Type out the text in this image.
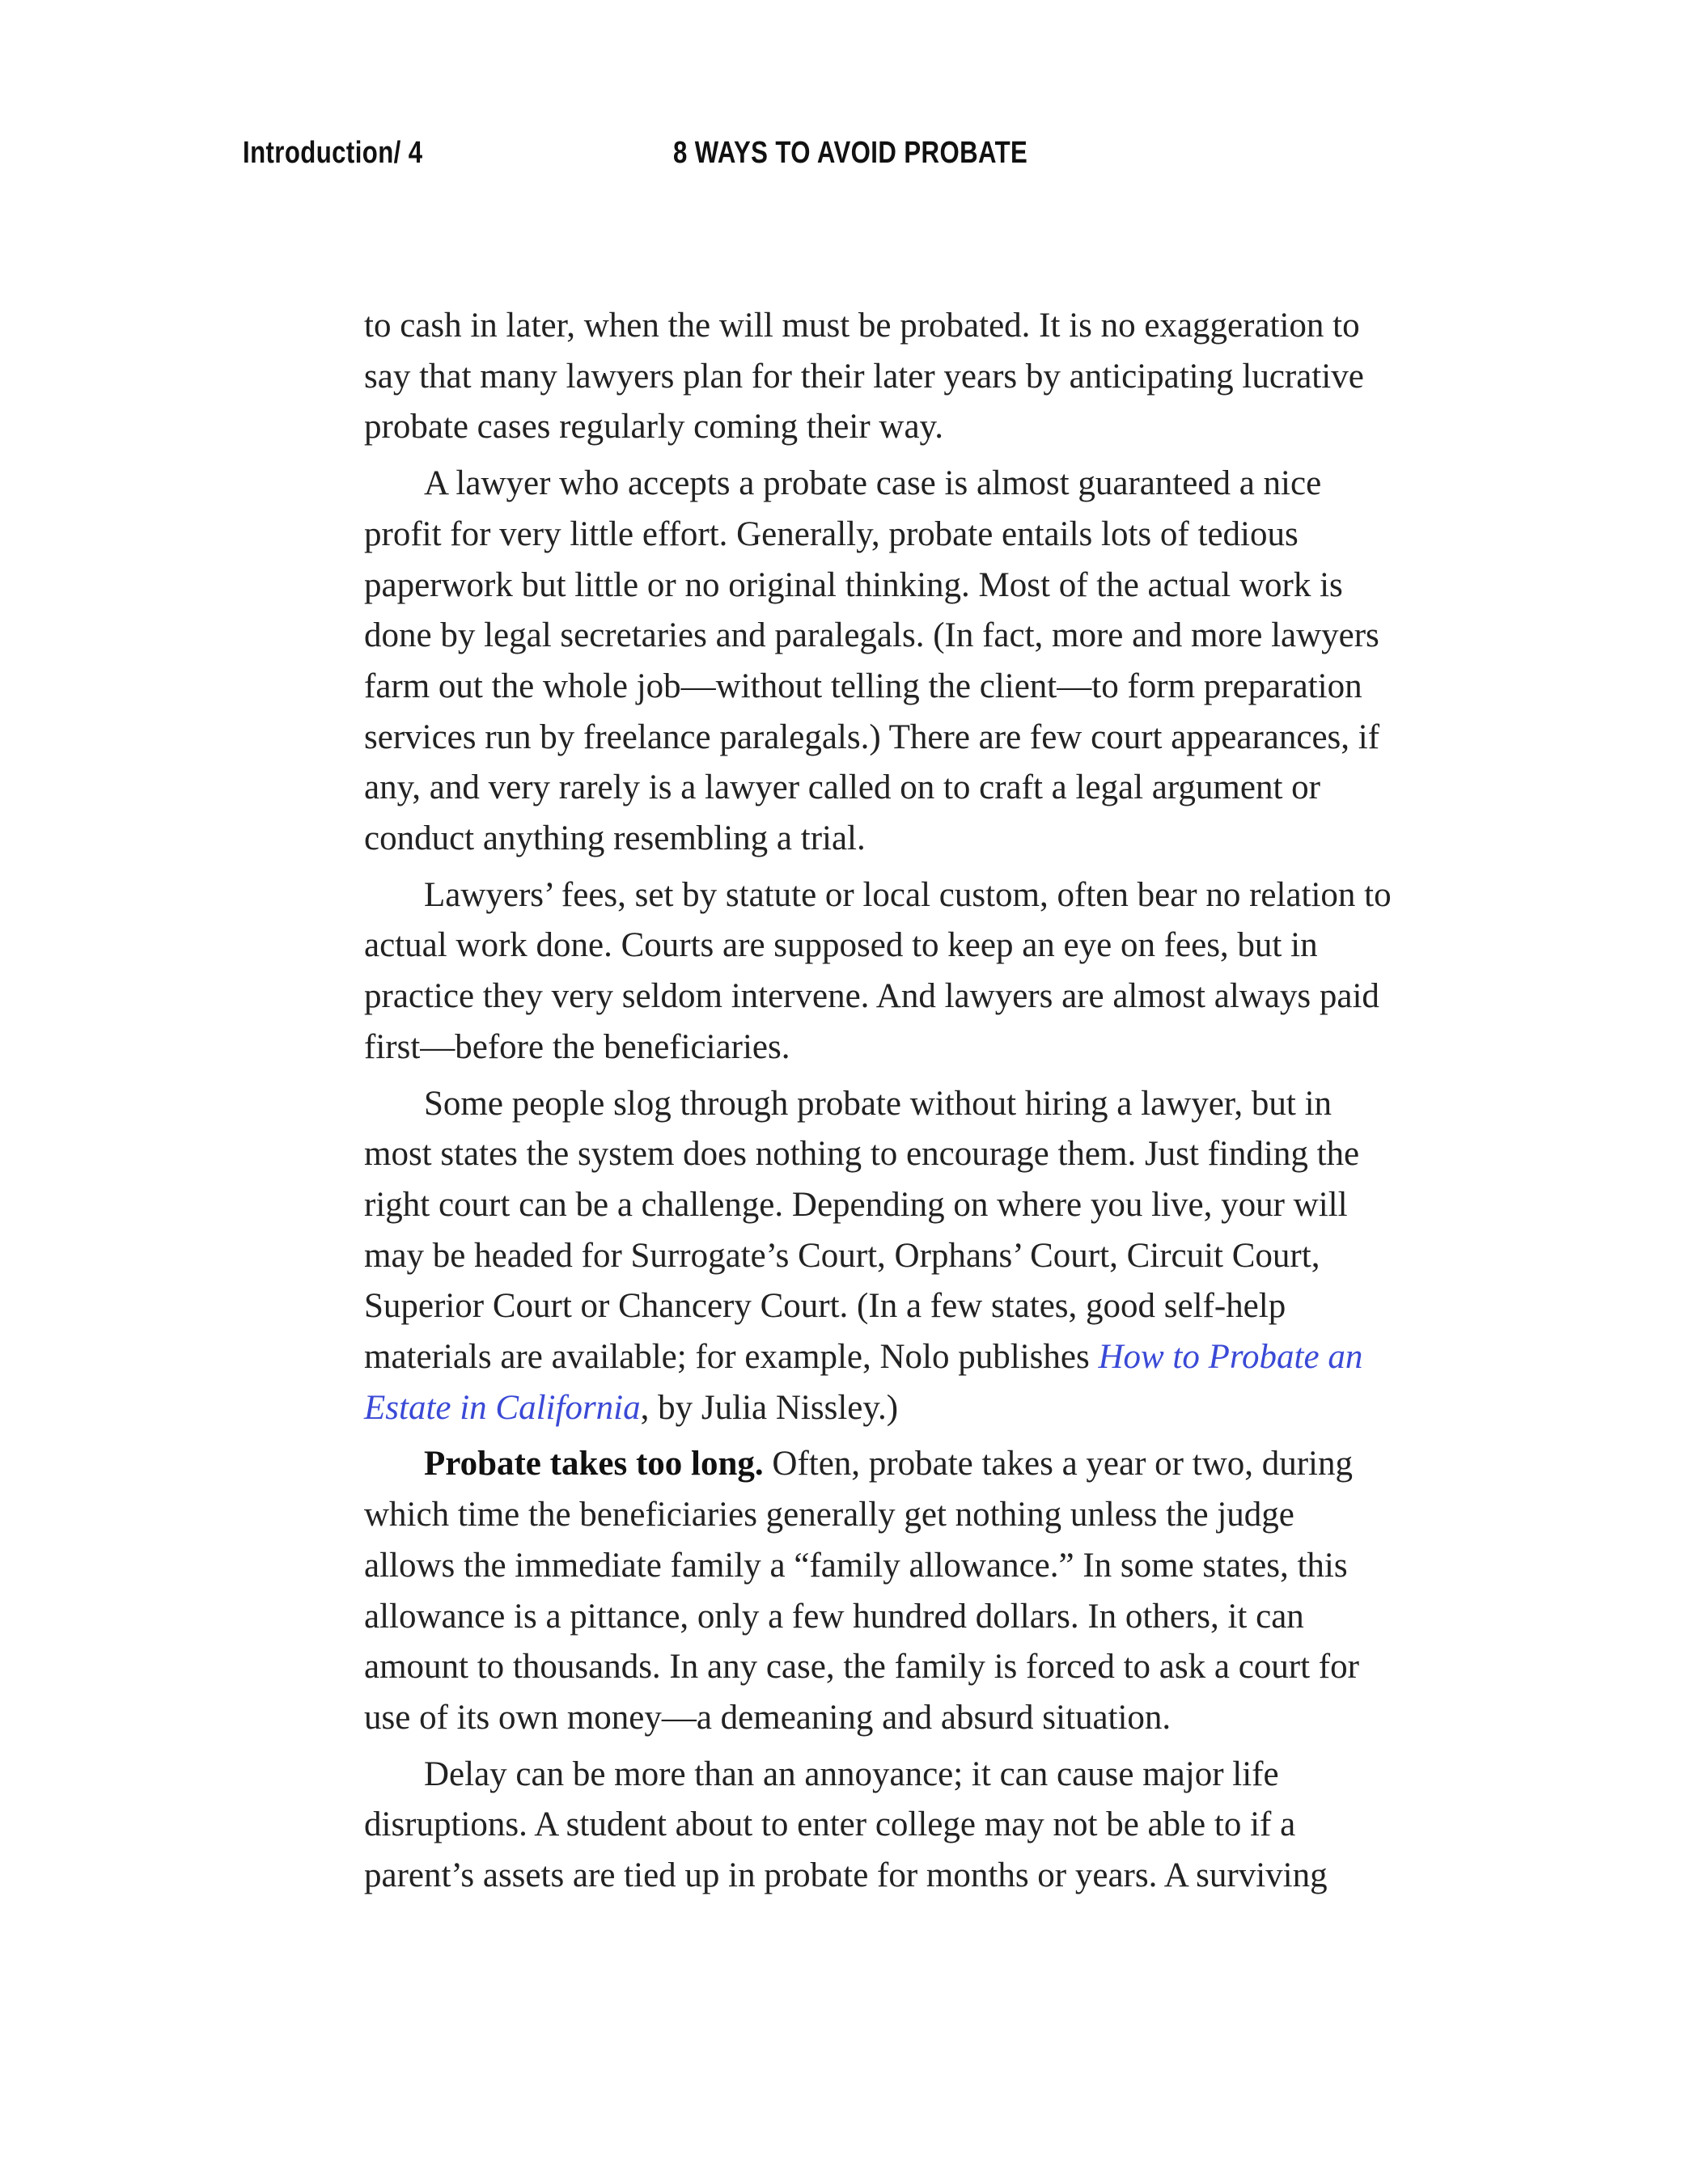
Introduction/ 4	8 WAYS TO AVOID PROBATE

to cash in later, when the will must be probated. It is no exaggeration to
say that many lawyers plan for their later years by anticipating lucrative
probate cases regularly coming their way.

A lawyer who accepts a probate case is almost guaranteed a nice
profit for very little effort. Generally, probate entails lots of tedious
paperwork but little or no original thinking. Most of the actual work is
done by legal secretaries and paralegals. (In fact, more and more lawyers
farm out the whole job—without telling the client—to form preparation
services run by freelance paralegals.) There are few court appearances, if
any, and very rarely is a lawyer called on to craft a legal argument or
conduct anything resembling a trial.

Lawyers’ fees, set by statute or local custom, often bear no relation to
actual work done. Courts are supposed to keep an eye on fees, but in
practice they very seldom intervene. And lawyers are almost always paid
first—before the beneficiaries.

Some people slog through probate without hiring a lawyer, but in
most states the system does nothing to encourage them. Just finding the
right court can be a challenge. Depending on where you live, your will
may be headed for Surrogate’s Court, Orphans’ Court, Circuit Court,
Superior Court or Chancery Court. (In a few states, good self-help
materials are available; for example, Nolo publishes How to Probate an
Estate in California, by Julia Nissley.)

Probate takes too long. Often, probate takes a year or two, during
which time the beneficiaries generally get nothing unless the judge
allows the immediate family a “family allowance.” In some states, this
allowance is a pittance, only a few hundred dollars. In others, it can
amount to thousands. In any case, the family is forced to ask a court for
use of its own money—a demeaning and absurd situation.

Delay can be more than an annoyance; it can cause major life
disruptions. A student about to enter college may not be able to if a
parent’s assets are tied up in probate for months or years. A surviving
